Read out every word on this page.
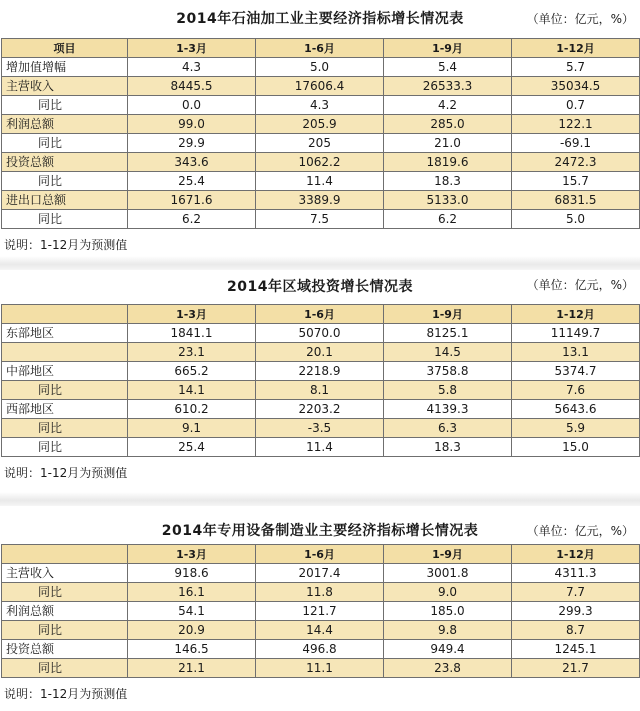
2014年石油加工业主要经济指标增长情况表	（单位：亿元，%）
项目	1-3月	1-6月	1-9月	1-12月
增加值增幅	4.3	5.0	5.4	5.7
主营收入	8445.5	17606.4	26533.3	35034.5
同比	0.0	4.3	4.2	0.7
利润总额	99.0	205.9	285.0	122.1
同比	29.9	205	21.0	-69.1
投资总额	343.6	1062.2	1819.6	2472.3
同比	25.4	11.4	18.3	15.7
进出口总额	1671.6	3389.9	5133.0	6831.5
同比	6.2	7.5	6.2	5.0
说明：1-12月为预测值
2014年区域投资增长情况表	（单位：亿元，%）
	1-3月	1-6月	1-9月	1-12月
东部地区	1841.1	5070.0	8125.1	11149.7
	23.1	20.1	14.5	13.1
中部地区	665.2	2218.9	3758.8	5374.7
同比	14.1	8.1	5.8	7.6
西部地区	610.2	2203.2	4139.3	5643.6
同比	9.1	-3.5	6.3	5.9
同比	25.4	11.4	18.3	15.0
说明：1-12月为预测值
2014年专用设备制造业主要经济指标增长情况表	（单位：亿元，%）
	1-3月	1-6月	1-9月	1-12月
主营收入	918.6	2017.4	3001.8	4311.3
同比	16.1	11.8	9.0	7.7
利润总额	54.1	121.7	185.0	299.3
同比	20.9	14.4	9.8	8.7
投资总额	146.5	496.8	949.4	1245.1
同比	21.1	11.1	23.8	21.7
说明：1-12月为预测值
